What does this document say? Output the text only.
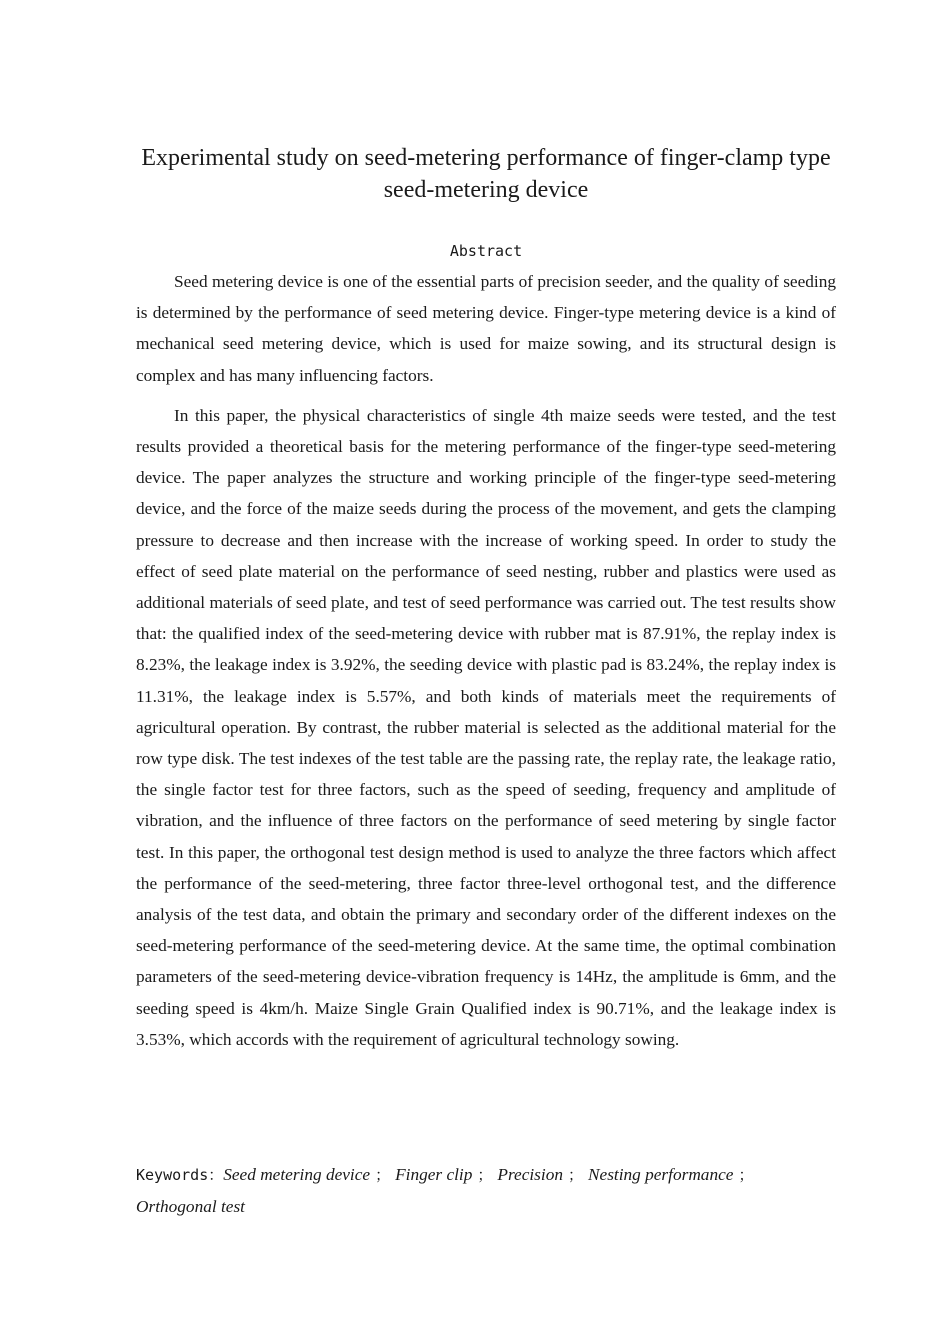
Experimental study on seed-metering performance of finger-clamp type seed-metering device
Abstract

Seed metering device is one of the essential parts of precision seeder, and the quality of seeding is determined by the performance of seed metering device. Finger-type metering device is a kind of mechanical seed metering device, which is used for maize sowing, and its structural design is complex and has many influencing factors.

In this paper, the physical characteristics of single 4th maize seeds were tested, and the test results provided a theoretical basis for the metering performance of the finger-type seed-metering device. The paper analyzes the structure and working principle of the finger-type seed-metering device, and the force of the maize seeds during the process of the movement, and gets the clamping pressure to decrease and then increase with the increase of working speed. In order to study the effect of seed plate material on the performance of seed nesting, rubber and plastics were used as additional materials of seed plate, and test of seed performance was carried out. The test results show that: the qualified index of the seed-metering device with rubber mat is 87.91%, the replay index is 8.23%, the leakage index is 3.92%, the seeding device with plastic pad is 83.24%, the replay index is 11.31%, the leakage index is 5.57%, and both kinds of materials meet the requirements of agricultural operation. By contrast, the rubber material is selected as the additional material for the row type disk. The test indexes of the test table are the passing rate, the replay rate, the leakage ratio, the single factor test for three factors, such as the speed of seeding, frequency and amplitude of vibration, and the influence of three factors on the performance of seed metering by single factor test. In this paper, the orthogonal test design method is used to analyze the three factors which affect the performance of the seed-metering, three factor three-level orthogonal test, and the difference analysis of the test data, and obtain the primary and secondary order of the different indexes on the seed-metering performance of the seed-metering device. At the same time, the optimal combination parameters of the seed-metering device-vibration frequency is 14Hz, the amplitude is 6mm, and the seeding speed is 4km/h. Maize Single Grain Qualified index is 90.71%, and the leakage index is 3.53%, which accords with the requirement of agricultural technology sowing.

Keywords：Seed metering device ； Finger clip ； Precision ； Nesting performance ；
Orthogonal test
